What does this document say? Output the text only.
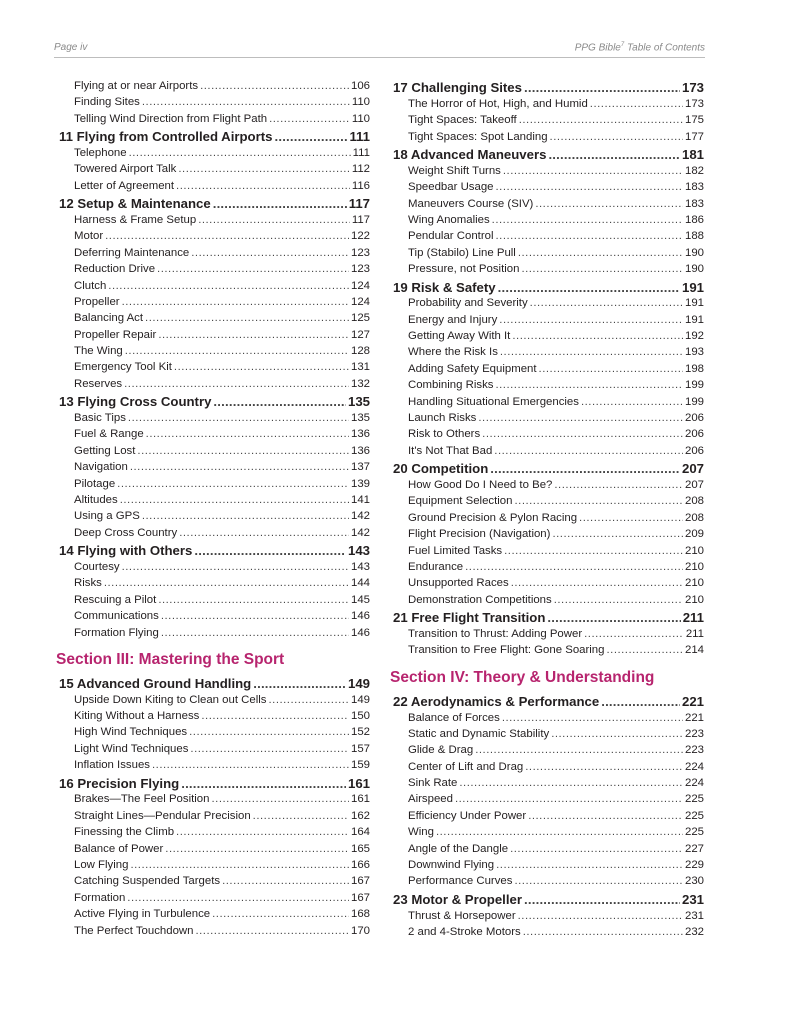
Page iv	PPG Bible$^7$ Table of Contents
Flying at or near Airports .....	106
Finding Sites .....	110
Telling Wind Direction from Flight Path .....	110
11 Flying from Controlled Airports .....	111
Telephone .....	111
Towered Airport Talk .....	112
Letter of Agreement .....	116
12 Setup & Maintenance .....	117
Harness & Frame Setup .....	117
Motor .....	122
Deferring Maintenance .....	123
Reduction Drive .....	123
Clutch .....	124
Propeller .....	124
Balancing Act .....	125
Propeller Repair .....	127
The Wing .....	128
Emergency Tool Kit .....	131
Reserves .....	132
13 Flying Cross Country .....	135
Basic Tips .....	135
Fuel & Range .....	136
Getting Lost .....	136
Navigation .....	137
Pilotage .....	139
Altitudes .....	141
Using a GPS .....	142
Deep Cross Country .....	142
14 Flying with Others .....	143
Courtesy .....	143
Risks .....	144
Rescuing a Pilot .....	145
Communications .....	146
Formation Flying .....	146
Section III: Mastering the Sport
15 Advanced Ground Handling .....	149
Upside Down Kiting to Clean out Cells .....	149
Kiting Without a Harness .....	150
High Wind Techniques .....	152
Light Wind Techniques .....	157
Inflation Issues .....	159
16 Precision Flying .....	161
Brakes—The Feel Position .....	161
Straight Lines—Pendular Precision .....	162
Finessing the Climb .....	164
Balance of Power .....	165
Low Flying .....	166
Catching Suspended Targets .....	167
Formation .....	167
Active Flying in Turbulence .....	168
The Perfect Touchdown .....	170
17 Challenging Sites .....	173
The Horror of Hot, High, and Humid .....	173
Tight Spaces: Takeoff .....	175
Tight Spaces: Spot Landing .....	177
18 Advanced Maneuvers .....	181
Weight Shift Turns .....	182
Speedbar Usage .....	183
Maneuvers Course (SIV) .....	183
Wing Anomalies .....	186
Pendular Control .....	188
Tip (Stabilo) Line Pull .....	190
Pressure, not Position .....	190
19 Risk & Safety .....	191
Probability and Severity .....	191
Energy and Injury .....	191
Getting Away With It .....	192
Where the Risk Is .....	193
Adding Safety Equipment .....	198
Combining Risks .....	199
Handling Situational Emergencies .....	199
Launch Risks .....	206
Risk to Others .....	206
It's Not That Bad .....	206
20 Competition .....	207
How Good Do I Need to Be? .....	207
Equipment Selection .....	208
Ground Precision & Pylon Racing .....	208
Flight Precision (Navigation) .....	209
Fuel Limited Tasks .....	210
Endurance .....	210
Unsupported Races .....	210
Demonstration Competitions .....	210
21 Free Flight Transition .....	211
Transition to Thrust: Adding Power .....	211
Transition to Free Flight: Gone Soaring .....	214
Section IV: Theory & Understanding
22 Aerodynamics & Performance .....	221
Balance of Forces .....	221
Static and Dynamic Stability .....	223
Glide & Drag .....	223
Center of Lift and Drag .....	224
Sink Rate .....	224
Airspeed .....	225
Efficiency Under Power .....	225
Wing .....	225
Angle of the Dangle .....	227
Downwind Flying .....	229
Performance Curves .....	230
23 Motor & Propeller .....	231
Thrust & Horsepower .....	231
2 and 4-Stroke Motors .....	232
